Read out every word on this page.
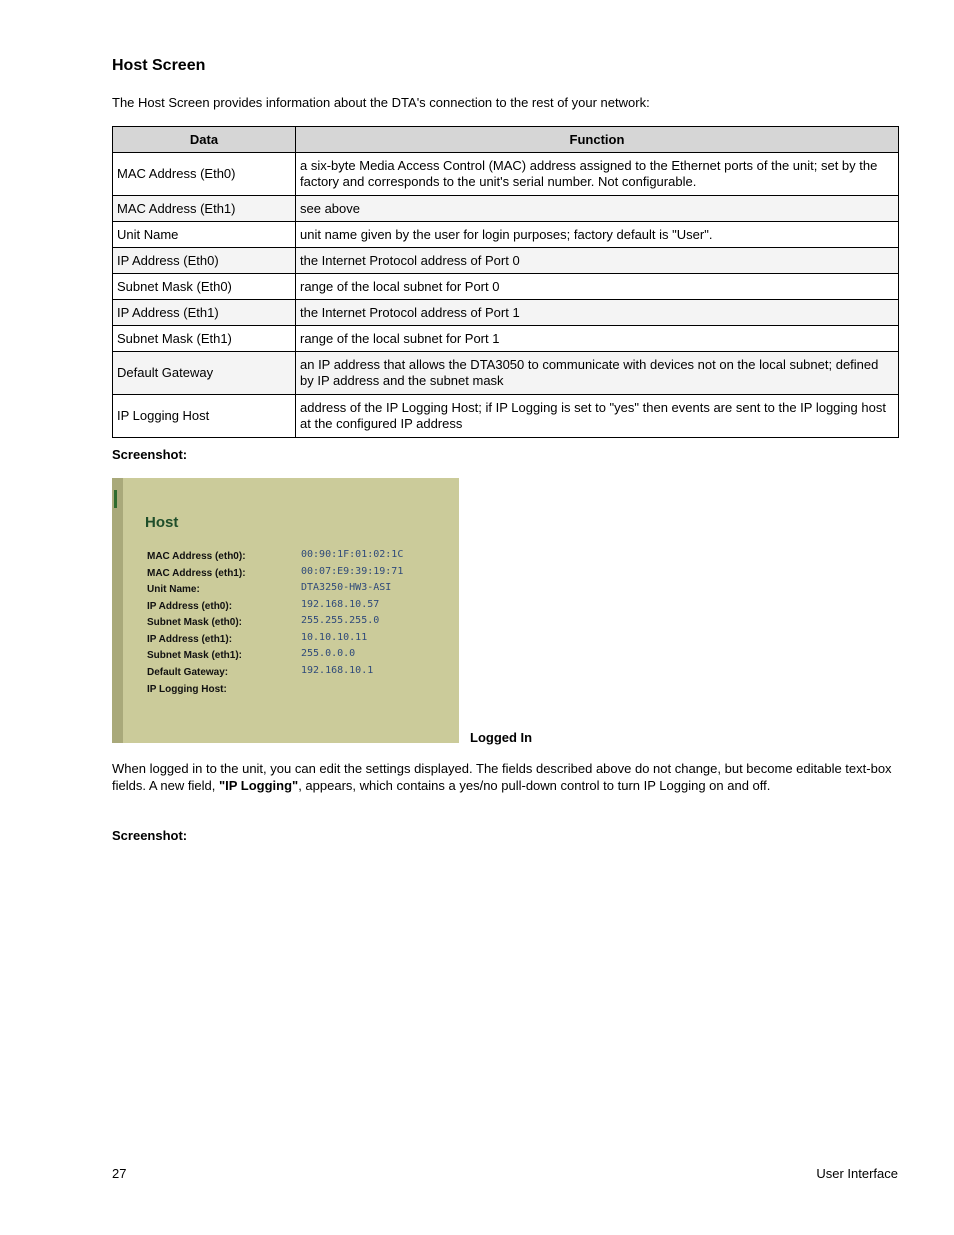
Host Screen
The Host Screen provides information about the DTA's connection to the rest of your network:
Data	Function
MAC Address (Eth0)	a six-byte Media Access Control (MAC) address assigned to the Ethernet ports of the unit; set by the factory and corresponds to the unit's serial number. Not configurable.
MAC Address (Eth1)	see above
Unit Name	unit name given by the user for login purposes; factory default is "User".
IP Address (Eth0)	the Internet Protocol address of Port 0
Subnet Mask (Eth0)	range of the local subnet for Port 0
IP Address (Eth1)	the Internet Protocol address of Port 1
Subnet Mask (Eth1)	range of the local subnet for Port 1
Default Gateway	an IP address that allows the DTA3050 to communicate with devices not on the local subnet; defined by IP address and the subnet mask
IP Logging Host	address of the IP Logging Host; if IP Logging is set to "yes" then events are sent to the IP logging host at the configured IP address
Screenshot:
Host
MAC Address (eth0):	00:90:1F:01:02:1C
MAC Address (eth1):	00:07:E9:39:19:71
Unit Name:	DTA3250-HW3-ASI
IP Address (eth0):	192.168.10.57
Subnet Mask (eth0):	255.255.255.0
IP Address (eth1):	10.10.10.11
Subnet Mask (eth1):	255.0.0.0
Default Gateway:	192.168.10.1
IP Logging Host:
Logged In
When logged in to the unit, you can edit the settings displayed. The fields described above do not change, but become editable text-box fields. A new field, "IP Logging", appears, which contains a yes/no pull-down control to turn IP Logging on and off.
Screenshot:
27	User Interface
